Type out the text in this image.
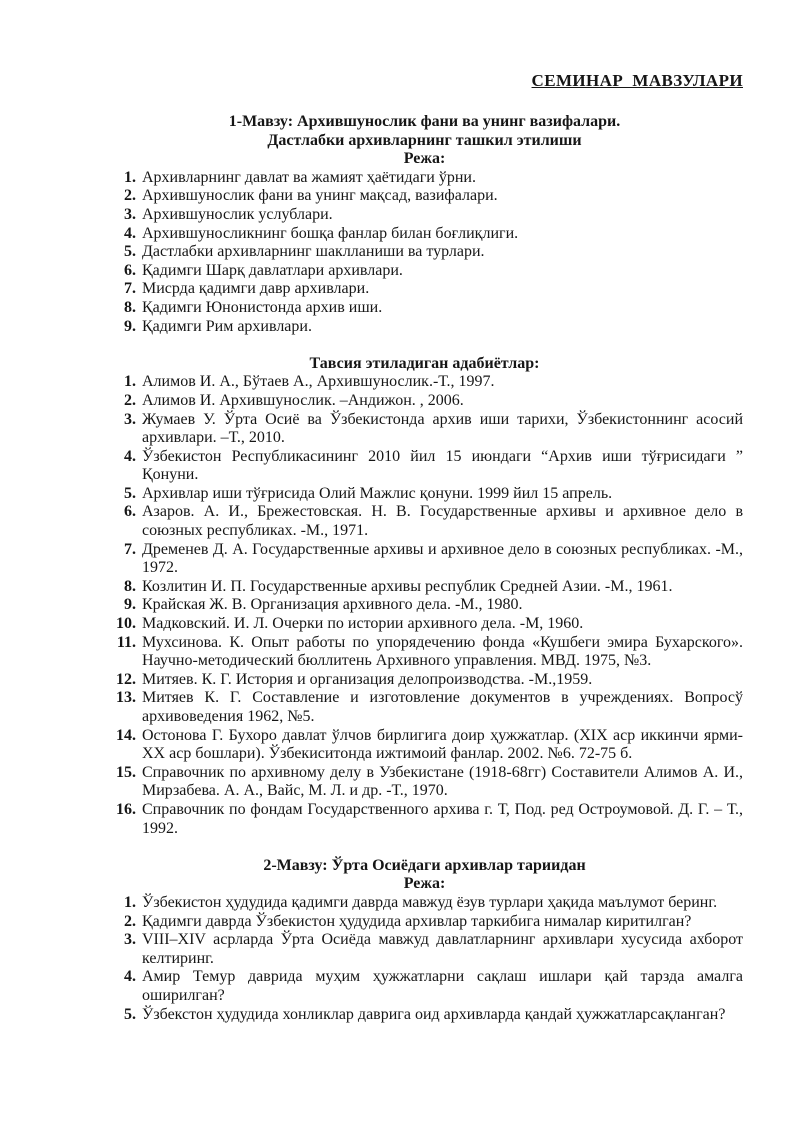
СЕМИНАР  МАВЗУЛАРИ
1-Мавзу: Архившунослик фани ва унинг вазифалари.
Дастлабки архивларнинг ташкил этилиши
Режа:
1. Архивларнинг давлат ва жамият ҳаётидаги ўрни.
2. Архившунослик фани ва унинг мақсад, вазифалари.
3. Архившунослик услублари.
4. Архившуносликнинг бошқа фанлар билан боғлиқлиги.
5. Дастлабки архивларнинг шаклланиши ва турлари.
6. Қадимги Шарқ давлатлари архивлари.
7. Мисрда қадимги давр архивлари.
8. Қадимги Юнонистонда архив иши.
9. Қадимги Рим архивлари.
Тавсия этиладиган адабиётлар:
1. Алимов И. А., Бўтаев А., Архившунослик.-Т., 1997.
2. Алимов И. Архившунослик. –Андижон. , 2006.
3. Жумаев У. Ўрта Осиё ва Ўзбекистонда архив иши тарихи, Ўзбекистоннинг асосий архивлари. –Т., 2010.
4. Ўзбекистон Республикасининг 2010 йил 15 июндаги “Архив иши тўғрисидаги ” Қонуни.
5. Архивлар иши тўғрисида Олий Мажлис қонуни. 1999 йил 15 апрель.
6. Азаров. А. И., Брежестовская. Н. В. Государственные архивы и архивное дело в союзных республиках. -М., 1971.
7. Дременев Д. А. Государственные архивы и архивное дело в союзных республиках. -М., 1972.
8. Козлитин И. П. Государственные архивы республик Средней Азии. -М., 1961.
9. Крайская Ж. В. Организация архивного дела. -М., 1980.
10. Мадковский. И. Л. Очерки по истории архивного дела. -М, 1960.
11. Мухсинова. К. Опыт работы по упорядечению фонда «Кушбеги эмира Бухарского». Научно-методический бюллитень Архивного управления. МВД. 1975, №3.
12. Митяев. К. Г. История и организация делопроизводства. -М.,1959.
13. Митяев К. Г. Составление и изготовление документов в учреждениях. Вопросў архивоведения 1962, №5.
14. Остонова Г. Бухоро давлат ўлчов бирлигига доир ҳужжатлар. (XIX аср иккинчи ярми-XX аср бошлари). Ўзбекиситонда ижтимоий фанлар. 2002. №6. 72-75 б.
15. Справочник по архивному делу в Узбекистане (1918-68гг) Составители Алимов А. И., Мирзабева. А. А., Вайс, М. Л. и др. -Т., 1970.
16. Справочник по фондам Государственного архива г. Т, Под. ред Остроумовой. Д. Г. – Т., 1992.
2-Мавзу: Ўрта Осиёдаги архивлар тариидан
Режа:
1. Ўзбекистон ҳудудида қадимги даврда мавжуд ёзув турлари ҳақида маълумот беринг.
2. Қадимги даврда Ўзбекистон ҳудудида архивлар таркибига нималар киритилган?
3. VIII–XIV асрларда Ўрта Осиёда мавжуд давлатларнинг архивлари хусусида ахборот келтиринг.
4. Амир Темур даврида муҳим ҳужжатларни сақлаш ишлари қай тарзда амалга оширилган?
5. Ўзбекстон ҳудудида хонликлар даврига оид архивларда қандай ҳужжатларсақланган?
